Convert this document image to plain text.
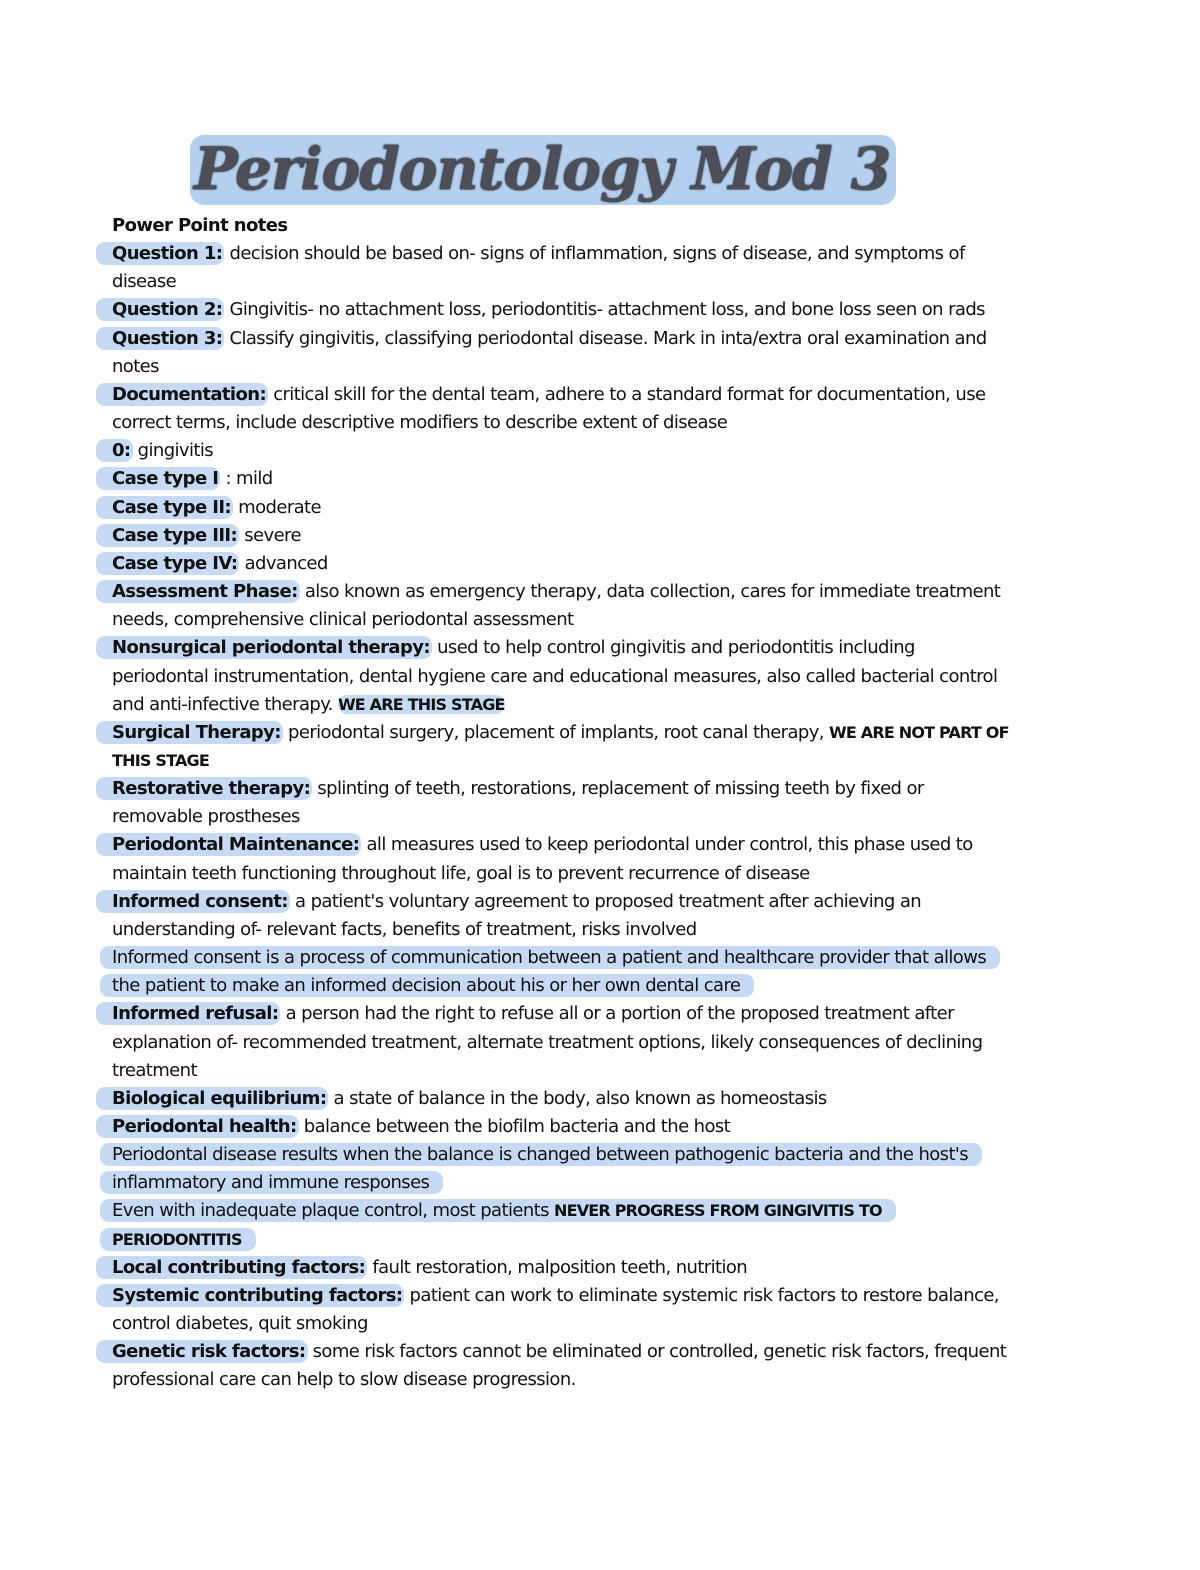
Periodontology Mod 3

Power Point notes

Question 1: decision should be based on- signs of inflammation, signs of disease, and symptoms of disease

Question 2: Gingivitis- no attachment loss, periodontitis- attachment loss, and bone loss seen on rads

Question 3: Classify gingivitis, classifying periodontal disease. Mark in inta/extra oral examination and notes

Documentation: critical skill for the dental team, adhere to a standard format for documentation, use correct terms, include descriptive modifiers to describe extent of disease

0: gingivitis

Case type I : mild

Case type II: moderate

Case type III: severe

Case type IV: advanced

Assessment Phase: also known as emergency therapy, data collection, cares for immediate treatment needs, comprehensive clinical periodontal assessment

Nonsurgical periodontal therapy: used to help control gingivitis and periodontitis including periodontal instrumentation, dental hygiene care and educational measures, also called bacterial control and anti-infective therapy. WE ARE THIS STAGE

Surgical Therapy: periodontal surgery, placement of implants, root canal therapy, WE ARE NOT PART OF THIS STAGE

Restorative therapy: splinting of teeth, restorations, replacement of missing teeth by fixed or removable prostheses

Periodontal Maintenance: all measures used to keep periodontal under control, this phase used to maintain teeth functioning throughout life, goal is to prevent recurrence of disease

Informed consent: a patient's voluntary agreement to proposed treatment after achieving an understanding of- relevant facts, benefits of treatment, risks involved

Informed consent is a process of communication between a patient and healthcare provider that allows the patient to make an informed decision about his or her own dental care

Informed refusal: a person had the right to refuse all or a portion of the proposed treatment after explanation of- recommended treatment, alternate treatment options, likely consequences of declining treatment

Biological equilibrium: a state of balance in the body, also known as homeostasis

Periodontal health: balance between the biofilm bacteria and the host

Periodontal disease results when the balance is changed between pathogenic bacteria and the host's inflammatory and immune responses

Even with inadequate plaque control, most patients NEVER PROGRESS FROM GINGIVITIS TO PERIODONTITIS

Local contributing factors: fault restoration, malposition teeth, nutrition

Systemic contributing factors: patient can work to eliminate systemic risk factors to restore balance, control diabetes, quit smoking

Genetic risk factors: some risk factors cannot be eliminated or controlled, genetic risk factors, frequent professional care can help to slow disease progression.
